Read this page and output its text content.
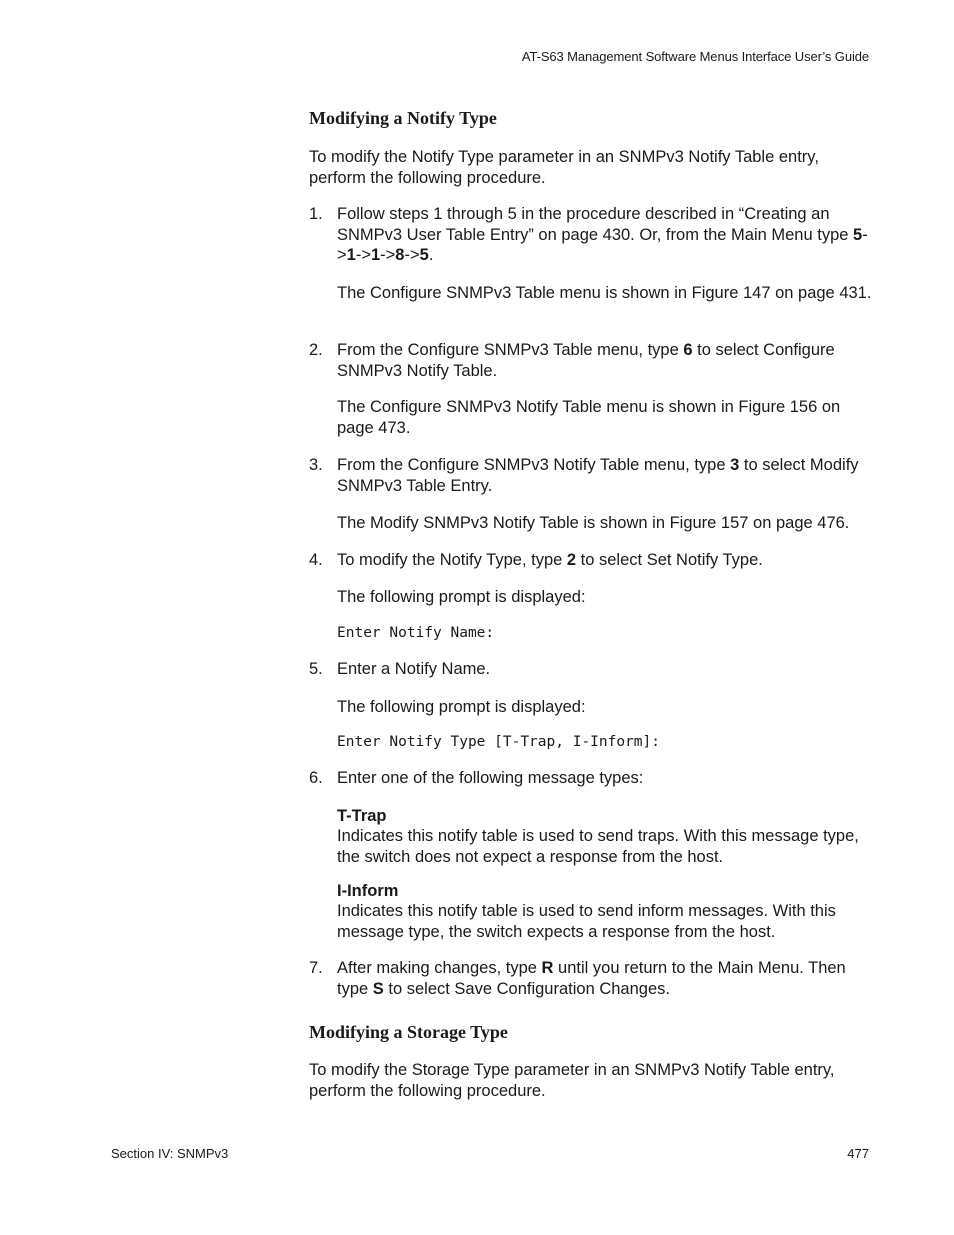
AT-S63 Management Software Menus Interface User’s Guide
Modifying a Notify Type
To modify the Notify Type parameter in an SNMPv3 Notify Table entry, perform the following procedure.
1. Follow steps 1 through 5 in the procedure described in “Creating an SNMPv3 User Table Entry” on page 430. Or, from the Main Menu type 5->1->1->8->5.
The Configure SNMPv3 Table menu is shown in Figure 147 on page 431.
2. From the Configure SNMPv3 Table menu, type 6 to select Configure SNMPv3 Notify Table.
The Configure SNMPv3 Notify Table menu is shown in Figure 156 on page 473.
3. From the Configure SNMPv3 Notify Table menu, type 3 to select Modify SNMPv3 Table Entry.
The Modify SNMPv3 Notify Table is shown in Figure 157 on page 476.
4. To modify the Notify Type, type 2 to select Set Notify Type.
The following prompt is displayed:
Enter Notify Name:
5. Enter a Notify Name.
The following prompt is displayed:
Enter Notify Type [T-Trap, I-Inform]:
6. Enter one of the following message types:
T-Trap
Indicates this notify table is used to send traps. With this message type, the switch does not expect a response from the host.
I-Inform
Indicates this notify table is used to send inform messages. With this message type, the switch expects a response from the host.
7. After making changes, type R until you return to the Main Menu. Then type S to select Save Configuration Changes.
Modifying a Storage Type
To modify the Storage Type parameter in an SNMPv3 Notify Table entry, perform the following procedure.
Section IV: SNMPv3	477
